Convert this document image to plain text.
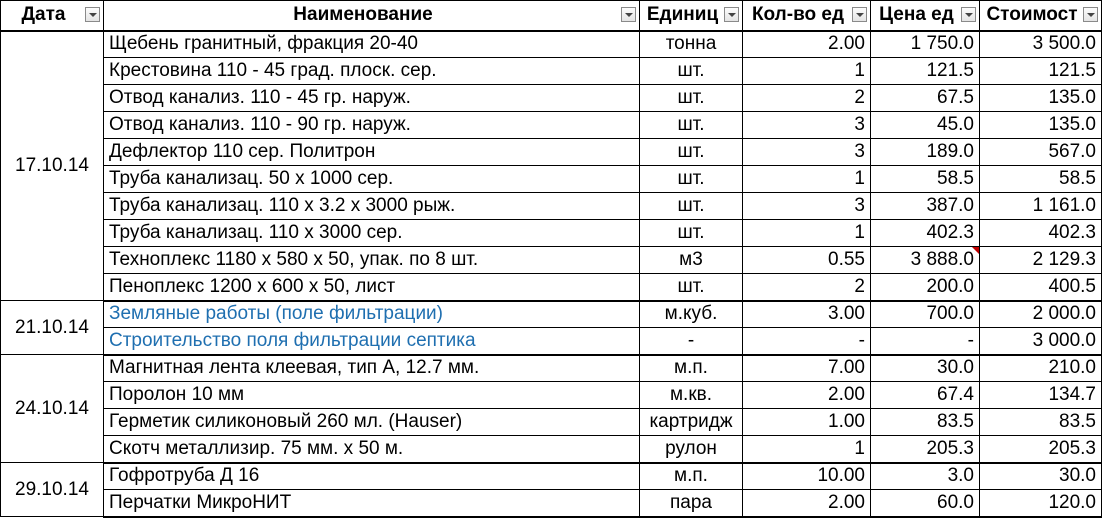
Дата	Наименование	Единиц	Кол-во ед	Цена ед	Стоимост

17.10.14	Щебень гранитный, фракция 20-40	тонна	2.00	1 750.0	3 500.0
	Крестовина 110 - 45 град. плоск. сер.	шт.	1	121.5	121.5
	Отвод канализ. 110 - 45 гр. наруж.	шт.	2	67.5	135.0
	Отвод канализ. 110 - 90 гр. наруж.	шт.	3	45.0	135.0
	Дефлектор 110 сер. Политрон	шт.	3	189.0	567.0
	Труба канализац. 50 х 1000 сер.	шт.	1	58.5	58.5
	Труба канализац. 110 х 3.2 х 3000 рыж.	шт.	3	387.0	1 161.0
	Труба канализац. 110 х 3000 сер.	шт.	1	402.3	402.3
	Техноплекс 1180 х 580 х 50, упак. по 8 шт.	м3	0.55	3 888.0	2 129.3
	Пеноплекс 1200 х 600 х 50, лист	шт.	2	200.0	400.5
21.10.14	Земляные работы (поле фильтрации)	м.куб.	3.00	700.0	2 000.0
	Строительство поля фильтрации септика	-	-	-	3 000.0
24.10.14	Магнитная лента клеевая, тип А, 12.7 мм.	м.п.	7.00	30.0	210.0
	Поролон 10 мм	м.кв.	2.00	67.4	134.7
	Герметик силиконовый 260 мл. (Hauser)	картридж	1.00	83.5	83.5
	Скотч металлизир. 75 мм. х 50 м.	рулон	1	205.3	205.3
29.10.14	Гофротруба Д 16	м.п.	10.00	3.0	30.0
	Перчатки МикроНИТ	пара	2.00	60.0	120.0
